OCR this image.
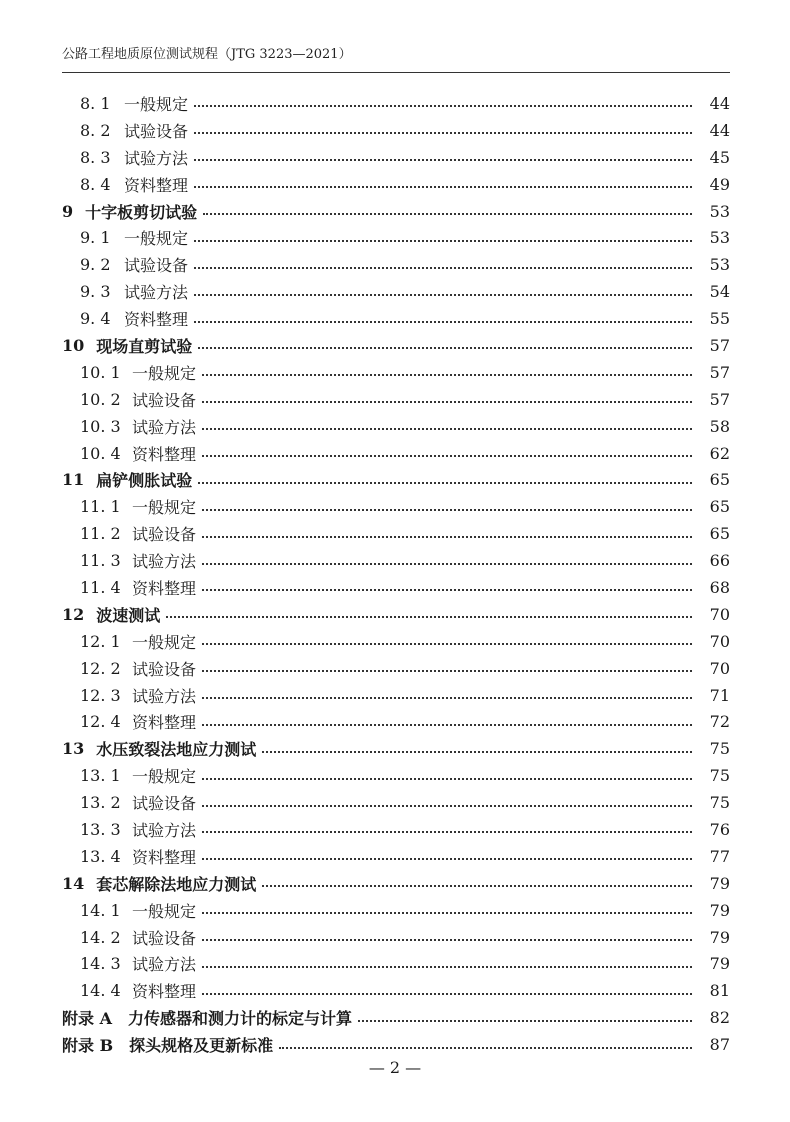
公路工程地质原位测试规程（JTG 3223—2021）
8. 1 一般规定	44
8. 2 试验设备	44
8. 3 试验方法	45
8. 4 资料整理	49
9 十字板剪切试验	53
9. 1 一般规定	53
9. 2 试验设备	53
9. 3 试验方法	54
9. 4 资料整理	55
10 现场直剪试验	57
10. 1 一般规定	57
10. 2 试验设备	57
10. 3 试验方法	58
10. 4 资料整理	62
11 扁铲侧胀试验	65
11. 1 一般规定	65
11. 2 试验设备	65
11. 3 试验方法	66
11. 4 资料整理	68
12 波速测试	70
12. 1 一般规定	70
12. 2 试验设备	70
12. 3 试验方法	71
12. 4 资料整理	72
13 水压致裂法地应力测试	75
13. 1 一般规定	75
13. 2 试验设备	75
13. 3 试验方法	76
13. 4 资料整理	77
14 套芯解除法地应力测试	79
14. 1 一般规定	79
14. 2 试验设备	79
14. 3 试验方法	79
14. 4 资料整理	81
附录 A 力传感器和测力计的标定与计算	82
附录 B 探头规格及更新标准	87
— 2 —
